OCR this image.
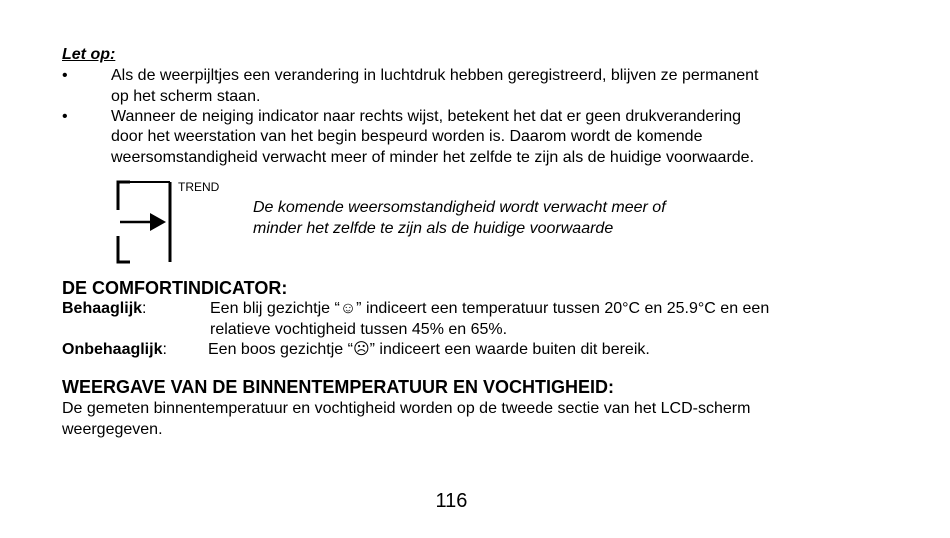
Let op:
•	Als de weerpijltjes een verandering in luchtdruk hebben geregistreerd, blijven ze permanent
op het scherm staan.
•	Wanneer de neiging indicator naar rechts wijst, betekent het dat er geen drukverandering
door het weerstation van het begin bespeurd worden is. Daarom wordt de komende
weersomstandigheid verwacht meer of minder het zelfde te zijn als de huidige voorwaarde.
TREND
De komende weersomstandigheid wordt verwacht meer of
minder het zelfde te zijn als de huidige voorwaarde
DE COMFORTINDICATOR:
Behaaglijk:	Een blij gezichtje “☺” indiceert een temperatuur tussen 20°C en 25.9°C en een
relatieve vochtigheid tussen 45% en 65%.
Onbehaaglijk:	Een boos gezichtje “☹” indiceert een waarde buiten dit bereik.
WEERGAVE VAN DE BINNENTEMPERATUUR EN VOCHTIGHEID:
De gemeten binnentemperatuur en vochtigheid worden op de tweede sectie van het LCD-scherm
weergegeven.
116
